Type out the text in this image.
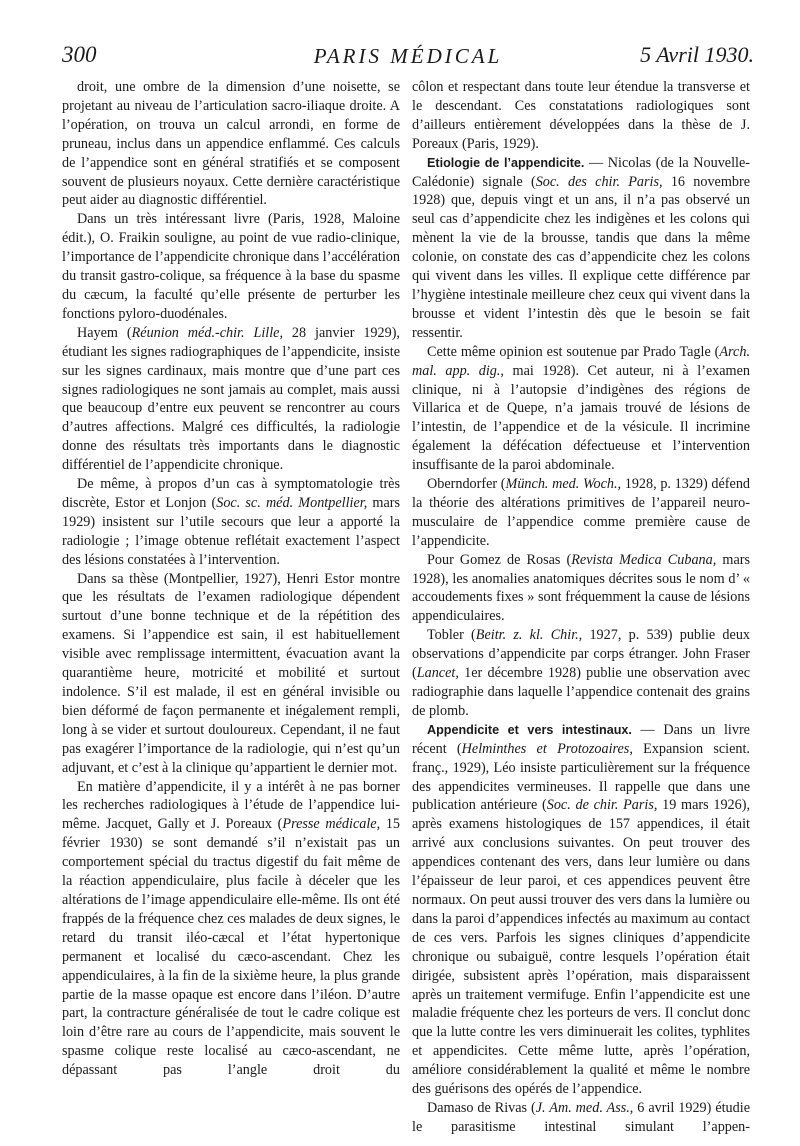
300	PARIS MÉDICAL	5 Avril 1930.

droit, une ombre de la dimension d’une noisette, se projetant au niveau de l’articulation sacro-iliaque droite. A l’opération, on trouva un calcul arrondi, en forme de pruneau, inclus dans un appendice enflammé. Ces calculs de l’appendice sont en général stratifiés et se composent souvent de plusieurs noyaux. Cette dernière caractéristique peut aider au diagnostic différentiel.

Dans un très intéressant livre (Paris, 1928, Maloine édit.), O. Fraikin souligne, au point de vue radio-clinique, l’importance de l’appendicite chronique dans l’accélération du transit gastro-colique, sa fréquence à la base du spasme du cæcum, la faculté qu’elle présente de perturber les fonctions pyloro-duodénales.

Hayem (Réunion méd.-chir. Lille, 28 janvier 1929), étudiant les signes radiographiques de l’appendicite, insiste sur les signes cardinaux, mais montre que d’une part ces signes radiologiques ne sont jamais au complet, mais aussi que beaucoup d’entre eux peuvent se rencontrer au cours d’autres affections. Malgré ces difficultés, la radiologie donne des résultats très importants dans le diagnostic différentiel de l’appendicite chronique.

De même, à propos d’un cas à symptomatologie très discrète, Estor et Lonjon (Soc. sc. méd. Montpellier, mars 1929) insistent sur l’utile secours que leur a apporté la radiologie ; l’image obtenue reflétait exactement l’aspect des lésions constatées à l’intervention.

Dans sa thèse (Montpellier, 1927), Henri Estor montre que les résultats de l’examen radiologique dépendent surtout d’une bonne technique et de la répétition des examens. Si l’appendice est sain, il est habituellement visible avec remplissage intermittent, évacuation avant la quarantième heure, motricité et mobilité et surtout indolence. S’il est malade, il est en général invisible ou bien déformé de façon permanente et inégalement rempli, long à se vider et surtout douloureux. Cependant, il ne faut pas exagérer l’importance de la radiologie, qui n’est qu’un adjuvant, et c’est à la clinique qu’appartient le dernier mot.

En matière d’appendicite, il y a intérêt à ne pas borner les recherches radiologiques à l’étude de l’appendice lui-même. Jacquet, Gally et J. Poreaux (Presse médicale, 15 février 1930) se sont demandé s’il n’existait pas un comportement spécial du tractus digestif du fait même de la réaction appendiculaire, plus facile à déceler que les altérations de l’image appendiculaire elle-même. Ils ont été frappés de la fréquence chez ces malades de deux signes, le retard du transit iléo-cæcal et l’état hypertonique permanent et localisé du cæco-ascendant. Chez les appendiculaires, à la fin de la sixième heure, la plus grande partie de la masse opaque est encore dans l’iléon. D’autre part, la contracture généralisée de tout le cadre colique est loin d’être rare au cours de l’appendicite, mais souvent le spasme colique reste localisé au cæco-ascendant, ne dépassant pas l’angle droit du

côlon et respectant dans toute leur étendue la transverse et le descendant. Ces constatations radiologiques sont d’ailleurs entièrement développées dans la thèse de J. Poreaux (Paris, 1929).

Etiologie de l’appendicite. — Nicolas (de la Nouvelle-Calédonie) signale (Soc. des chir. Paris, 16 novembre 1928) que, depuis vingt et un ans, il n’a pas observé un seul cas d’appendicite chez les indigènes et les colons qui mènent la vie de la brousse, tandis que dans la même colonie, on constate des cas d’appendicite chez les colons qui vivent dans les villes. Il explique cette différence par l’hygiène intestinale meilleure chez ceux qui vivent dans la brousse et vident l’intestin dès que le besoin se fait ressentir.

Cette même opinion est soutenue par Prado Tagle (Arch. mal. app. dig., mai 1928). Cet auteur, ni à l’examen clinique, ni à l’autopsie d’indigènes des régions de Villarica et de Quepe, n’a jamais trouvé de lésions de l’intestin, de l’appendice et de la vésicule. Il incrimine également la défécation défectueuse et l’intervention insuffisante de la paroi abdominale.

Oberndorfer (Münch. med. Woch., 1928, p. 1329) défend la théorie des altérations primitives de l’appareil neuro-musculaire de l’appendice comme première cause de l’appendicite.

Pour Gomez de Rosas (Revista Medica Cubana, mars 1928), les anomalies anatomiques décrites sous le nom d’ « accoudements fixes » sont fréquemment la cause de lésions appendiculaires.

Tobler (Beitr. z. kl. Chir., 1927, p. 539) publie deux observations d’appendicite par corps étranger. John Fraser (Lancet, 1er décembre 1928) publie une observation avec radiographie dans laquelle l’appendice contenait des grains de plomb.

Appendicite et vers intestinaux. — Dans un livre récent (Helminthes et Protozoaires, Expansion scient. franç., 1929), Léo insiste particulièrement sur la fréquence des appendicites vermineuses. Il rappelle que dans une publication antérieure (Soc. de chir. Paris, 19 mars 1926), après examens histologiques de 157 appendices, il était arrivé aux conclusions suivantes. On peut trouver des appendices contenant des vers, dans leur lumière ou dans l’épaisseur de leur paroi, et ces appendices peuvent être normaux. On peut aussi trouver des vers dans la lumière ou dans la paroi d’appendices infectés au maximum au contact de ces vers. Parfois les signes cliniques d’appendicite chronique ou subaiguë, contre lesquels l’opération était dirigée, subsistent après l’opération, mais disparaissent après un traitement vermifuge. Enfin l’appendicite est une maladie fréquente chez les porteurs de vers. Il conclut donc que la lutte contre les vers diminuerait les colites, typhlites et appendicites. Cette même lutte, après l’opération, améliore considérablement la qualité et même le nombre des guérisons des opérés de l’appendice.

Damaso de Rivas (J. Am. med. Ass., 6 avril 1929) étudie le parasitisme intestinal simulant l’appen-
